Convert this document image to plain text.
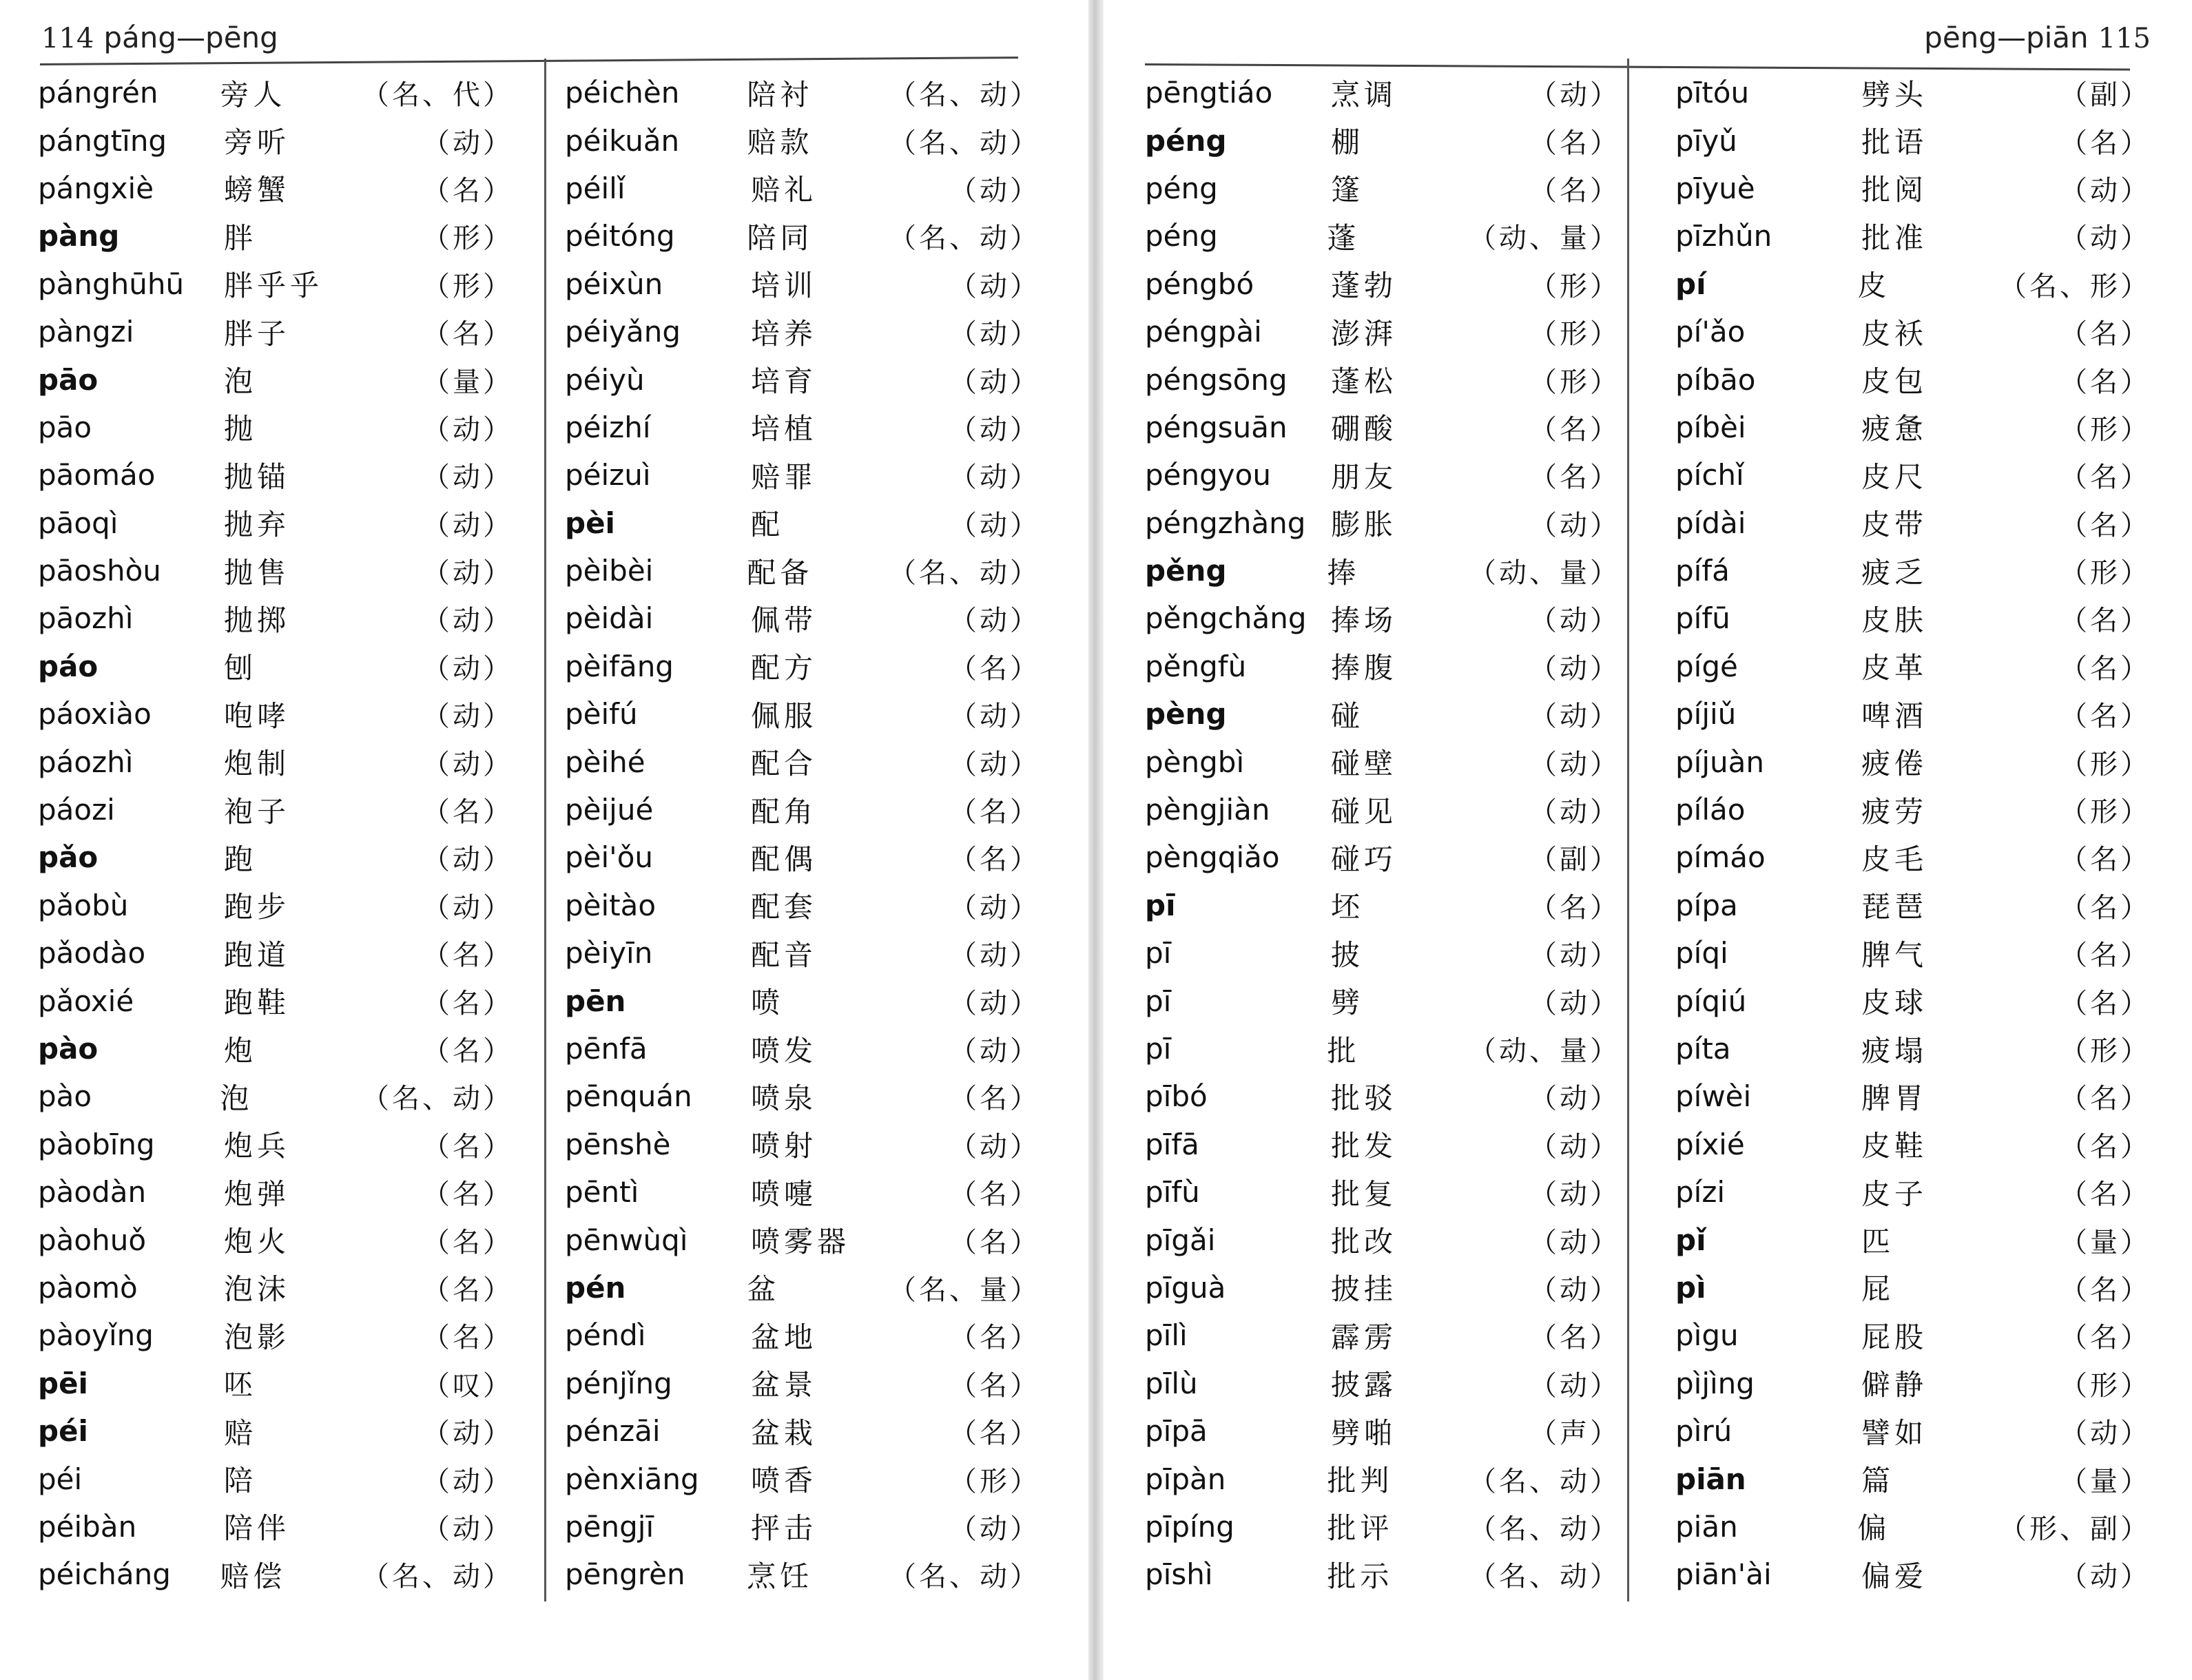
114 páng—pēng
pángrén	旁人	（名、代）
pángtīng	旁听	（动）
pángxiè	螃蟹	（名）
pàng	胖	（形）
pànghūhū	胖乎乎	（形）
pàngzi	胖子	（名）
pāo	泡	（量）
pāo	抛	（动）
pāomáo	抛锚	（动）
pāoqì	抛弃	（动）
pāoshòu	抛售	（动）
pāozhì	抛掷	（动）
páo	刨	（动）
páoxiào	咆哮	（动）
páozhì	炮制	（动）
páozi	袍子	（名）
pǎo	跑	（动）
pǎobù	跑步	（动）
pǎodào	跑道	（名）
pǎoxié	跑鞋	（名）
pào	炮	（名）
pào	泡	（名、动）
pàobīng	炮兵	（名）
pàodàn	炮弹	（名）
pàohuǒ	炮火	（名）
pàomò	泡沫	（名）
pàoyǐng	泡影	（名）
pēi	呸	（叹）
péi	赔	（动）
péi	陪	（动）
péibàn	陪伴	（动）
péicháng	赔偿	（名、动）
péichèn	陪衬	（名、动）
péikuǎn	赔款	（名、动）
péilǐ	赔礼	（动）
péitóng	陪同	（名、动）
péixùn	培训	（动）
péiyǎng	培养	（动）
péiyù	培育	（动）
péizhí	培植	（动）
péizuì	赔罪	（动）
pèi	配	（动）
pèibèi	配备	（名、动）
pèidài	佩带	（动）
pèifāng	配方	（名）
pèifú	佩服	（动）
pèihé	配合	（动）
pèijué	配角	（名）
pèi'ǒu	配偶	（名）
pèitào	配套	（动）
pèiyīn	配音	（动）
pēn	喷	（动）
pēnfā	喷发	（动）
pēnquán	喷泉	（名）
pēnshè	喷射	（动）
pēntì	喷嚏	（名）
pēnwùqì	喷雾器	（名）
pén	盆	（名、量）
péndì	盆地	（名）
pénjǐng	盆景	（名）
pénzāi	盆栽	（名）
pènxiāng	喷香	（形）
pēngjī	抨击	（动）
pēngrèn	烹饪	（名、动）
pēng—piān 115
pēngtiáo	烹调	（动）
péng	棚	（名）
péng	篷	（名）
péng	蓬	（动、量）
péngbó	蓬勃	（形）
péngpài	澎湃	（形）
péngsōng	蓬松	（形）
péngsuān	硼酸	（名）
péngyou	朋友	（名）
péngzhàng 膨胀	（动）
pěng	捧	（动、量）
pěngchǎng 捧场	（动）
pěngfù	捧腹	（动）
pèng	碰	（动）
pèngbì	碰壁	（动）
pèngjiàn	碰见	（动）
pèngqiǎo	碰巧	（副）
pī	坯	（名）
pī	披	（动）
pī	劈	（动）
pī	批	（动、量）
pībó	批驳	（动）
pīfā	批发	（动）
pīfù	批复	（动）
pīgǎi	批改	（动）
pīguà	披挂	（动）
pīlì	霹雳	（名）
pīlù	披露	（动）
pīpā	劈啪	（声）
pīpàn	批判	（名、动）
pīpíng	批评	（名、动）
pīshì	批示	（名、动）
pītóu	劈头	（副）
pīyǔ	批语	（名）
pīyuè	批阅	（动）
pīzhǔn	批准	（动）
pí	皮	（名、形）
pí'ǎo	皮袄	（名）
píbāo	皮包	（名）
píbèi	疲惫	（形）
píchǐ	皮尺	（名）
pídài	皮带	（名）
pífá	疲乏	（形）
pífū	皮肤	（名）
pígé	皮革	（名）
píjiǔ	啤酒	（名）
píjuàn	疲倦	（形）
píláo	疲劳	（形）
pímáo	皮毛	（名）
pípa	琵琶	（名）
píqi	脾气	（名）
píqiú	皮球	（名）
píta	疲塌	（形）
píwèi	脾胃	（名）
píxié	皮鞋	（名）
pízi	皮子	（名）
pǐ	匹	（量）
pì	屁	（名）
pìgu	屁股	（名）
pìjìng	僻静	（形）
pìrú	譬如	（动）
piān	篇	（量）
piān	偏	（形、副）
piān'ài	偏爱	（动）
